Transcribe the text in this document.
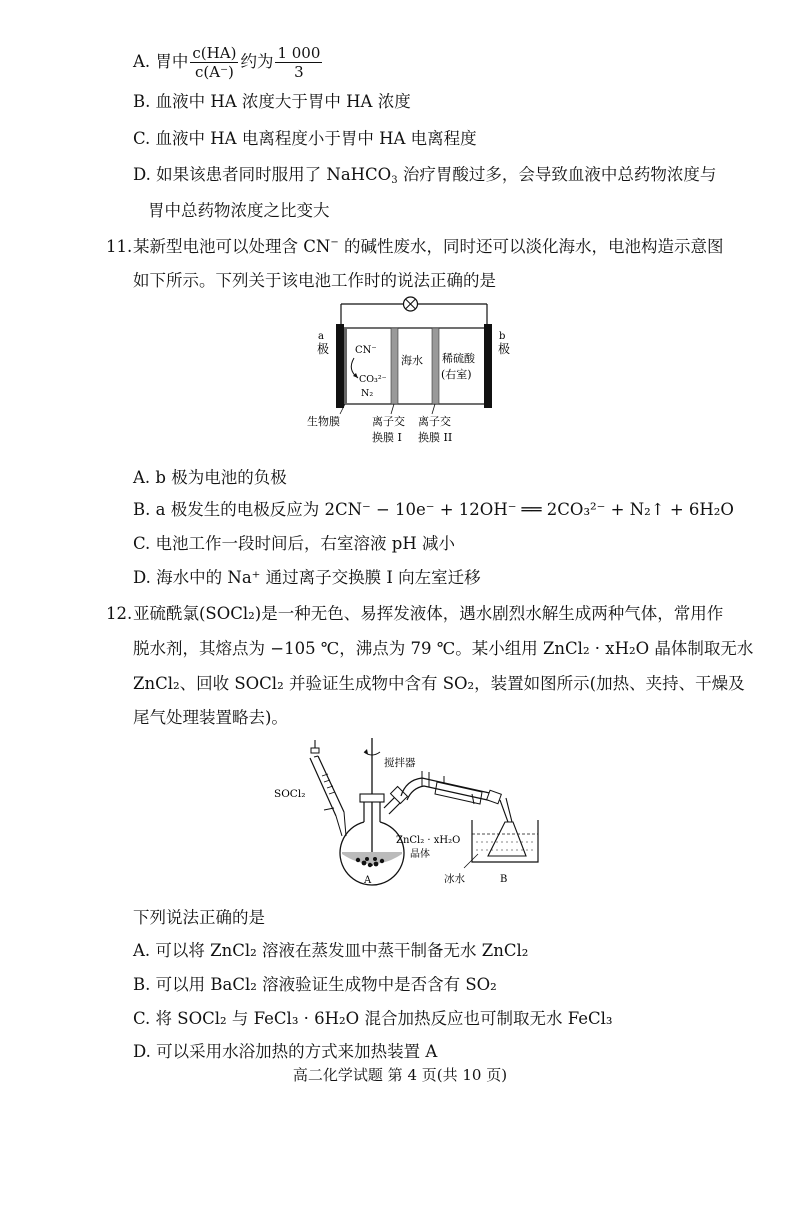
A. 胃中 $\frac{c(HA)}{c(A^-)}$ 约为 $\frac{1 000}{3}$
B. 血液中 HA 浓度大于胃中 HA 浓度
C. 血液中 HA 电离程度小于胃中 HA 电离程度
D. 如果该患者同时服用了 NaHCO$_3$ 治疗胃酸过多，会导致血液中总药物浓度与
胃中总药物浓度之比变大
11. 某新型电池可以处理含 CN− 的碱性废水，同时还可以淡化海水，电池构造示意图
如下所示。下列关于该电池工作时的说法正确的是
a
极
b
极
CN⁻
CO₃²⁻
N₂
海水 稀硫酸
(右室)
生物膜	离子交
换膜 I
离子交
换膜 II
A. b 极为电池的负极
B. a 极发生的电极反应为 2CN⁻ − 10e⁻ + 12OH⁻ ══ 2CO₃²⁻ + N₂↑ + 6H₂O
C. 电池工作一段时间后，右室溶液 pH 减小
D. 海水中的 Na⁺ 通过离子交换膜 I 向左室迁移
12. 亚硫酰氯(SOCl₂)是一种无色、易挥发液体，遇水剧烈水解生成两种气体，常用作
脱水剂，其熔点为 −105 ℃，沸点为 79 ℃。某小组用 ZnCl₂ · xH₂O 晶体制取无水
ZnCl₂、回收 SOCl₂ 并验证生成物中含有 SO₂，装置如图所示(加热、夹持、干燥及
尾气处理装置略去)。
SOCl₂
搅拌器
ZnCl₂ · xH₂O
晶体
A	冰水	B
下列说法正确的是
A. 可以将 ZnCl₂ 溶液在蒸发皿中蒸干制备无水 ZnCl₂
B. 可以用 BaCl₂ 溶液验证生成物中是否含有 SO₂
C. 将 SOCl₂ 与 FeCl₃ · 6H₂O 混合加热反应也可制取无水 FeCl₃
D. 可以采用水浴加热的方式来加热装置 A
高二化学试题 第 4 页(共 10 页)
